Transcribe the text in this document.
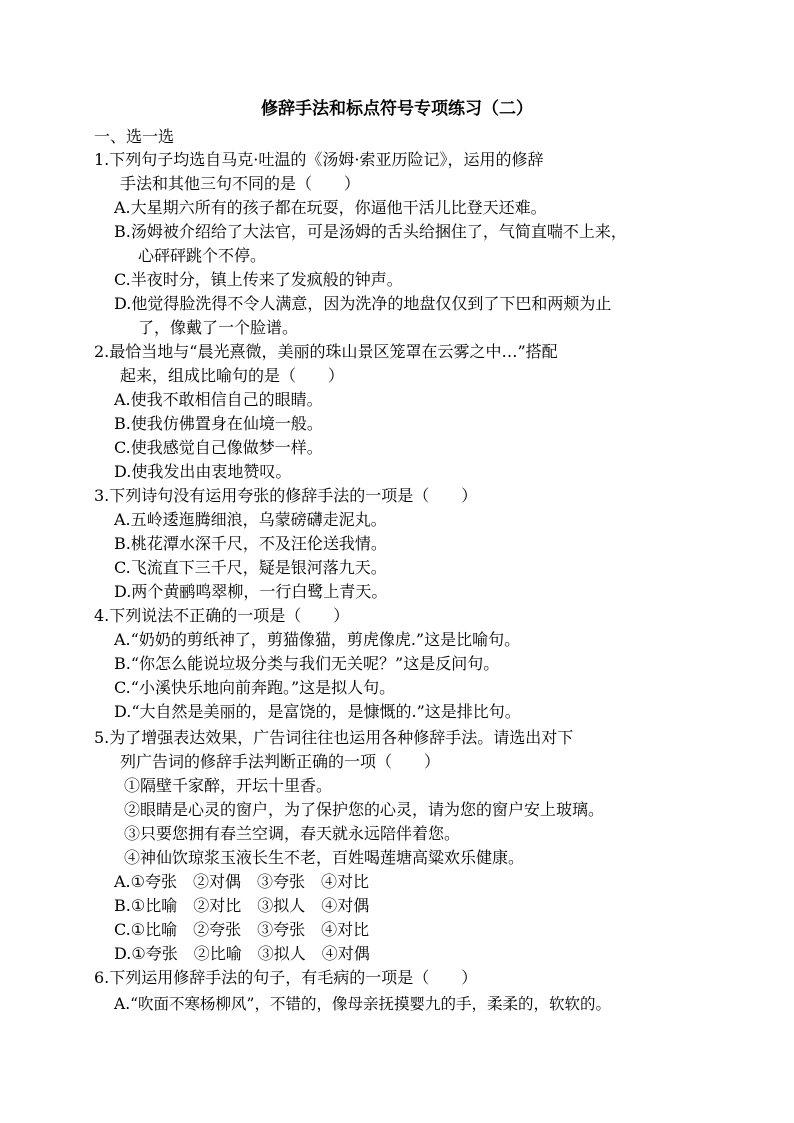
修辞手法和标点符号专项练习（二）
一、选一选
1.下列句子均选自马克·吐温的《汤姆·索亚历险记》，运用的修辞
手法和其他三句不同的是（　　）
A.大星期六所有的孩子都在玩耍，你逼他干活儿比登天还难。
B.汤姆被介绍给了大法官，可是汤姆的舌头给捆住了，气简直喘不上来，
心砰砰跳个不停。
C.半夜时分，镇上传来了发疯般的钟声。
D.他觉得脸洗得不令人满意，因为洗净的地盘仅仅到了下巴和两颊为止
了，像戴了一个脸谱。
2.最恰当地与“晨光熹微，美丽的珠山景区笼罩在云雾之中…”搭配
起来，组成比喻句的是（　　）
A.使我不敢相信自己的眼睛。
B.使我仿佛置身在仙境一般。
C.使我感觉自己像做梦一样。
D.使我发出由衷地赞叹。
3.下列诗句没有运用夸张的修辞手法的一项是（　　）
A.五岭逶迤腾细浪，乌蒙磅礴走泥丸。
B.桃花潭水深千尺，不及汪伦送我情。
C.飞流直下三千尺，疑是银河落九天。
D.两个黄鹂鸣翠柳，一行白鹭上青天。
4.下列说法不正确的一项是（　　）
A.“奶奶的剪纸神了，剪猫像猫，剪虎像虎.”这是比喻句。
B.“你怎么能说垃圾分类与我们无关呢？”这是反问句。
C.“小溪快乐地向前奔跑。”这是拟人句。
D.“大自然是美丽的，是富饶的，是慷慨的.”这是排比句。
5.为了增强表达效果，广告词往往也运用各种修辞手法。请选出对下
列广告词的修辞手法判断正确的一项（　　）
①隔壁千家醉，开坛十里香。
②眼睛是心灵的窗户，为了保护您的心灵，请为您的窗户安上玻璃。
③只要您拥有春兰空调，春天就永远陪伴着您。
④神仙饮琼浆玉液长生不老，百姓喝莲塘高粱欢乐健康。
A.①夸张　②对偶　③夸张　④对比
B.①比喻　②对比　③拟人　④对偶
C.①比喻　②夸张　③夸张　④对比
D.①夸张　②比喻　③拟人　④对偶
6.下列运用修辞手法的句子，有毛病的一项是（　　）
A.“吹面不寒杨柳风”，不错的，像母亲抚摸婴九的手，柔柔的，软软的。
